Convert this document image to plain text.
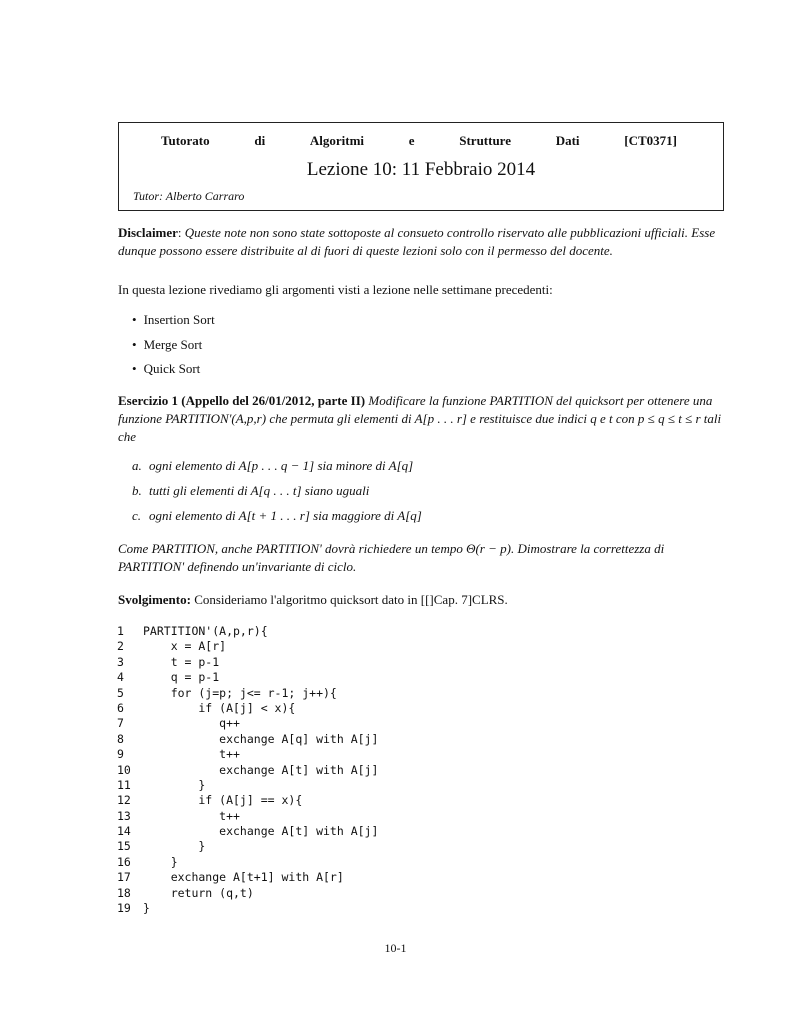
Tutorato	di	Algoritmi	e	Strutture	Dati	[CT0371]
Lezione 10: 11 Febbraio 2014
Tutor: Alberto Carraro
Disclaimer: Queste note non sono state sottoposte al consueto controllo riservato alle pubblicazioni ufficiali. Esse dunque possono essere distribuite al di fuori di queste lezioni solo con il permesso del docente.
In questa lezione rivediamo gli argomenti visti a lezione nelle settimane precedenti:
• Insertion Sort
• Merge Sort
• Quick Sort
Esercizio 1 (Appello del 26/01/2012, parte II) Modificare la funzione PARTITION del quicksort per ottenere una funzione PARTITION'(A,p,r) che permuta gli elementi di A[p . . . r] e restituisce due indici q e t con p ≤ q ≤ t ≤ r tali che
a. ogni elemento di A[p . . . q − 1] sia minore di A[q]
b. tutti gli elementi di A[q . . . t] siano uguali
c. ogni elemento di A[t + 1 . . . r] sia maggiore di A[q]
Come PARTITION, anche PARTITION' dovrà richiedere un tempo Θ(r − p). Dimostrare la correttezza di PARTITION' definendo un'invariante di ciclo.
Svolgimento: Consideriamo l'algoritmo quicksort dato in [[]Cap. 7]CLRS.
1 PARTITION'(A,p,r){
2    x = A[r]
3    t = p-1
4    q = p-1
5    for (j=p; j<= r-1; j++){
6        if (A[j] < x){
7           q++
8           exchange A[q] with A[j]
9           t++
10           exchange A[t] with A[j]
11        }
12        if (A[j] == x){
13           t++
14           exchange A[t] with A[j]
15        }
16    }
17    exchange A[t+1] with A[r]
18    return (q,t)
19 }
10-1
